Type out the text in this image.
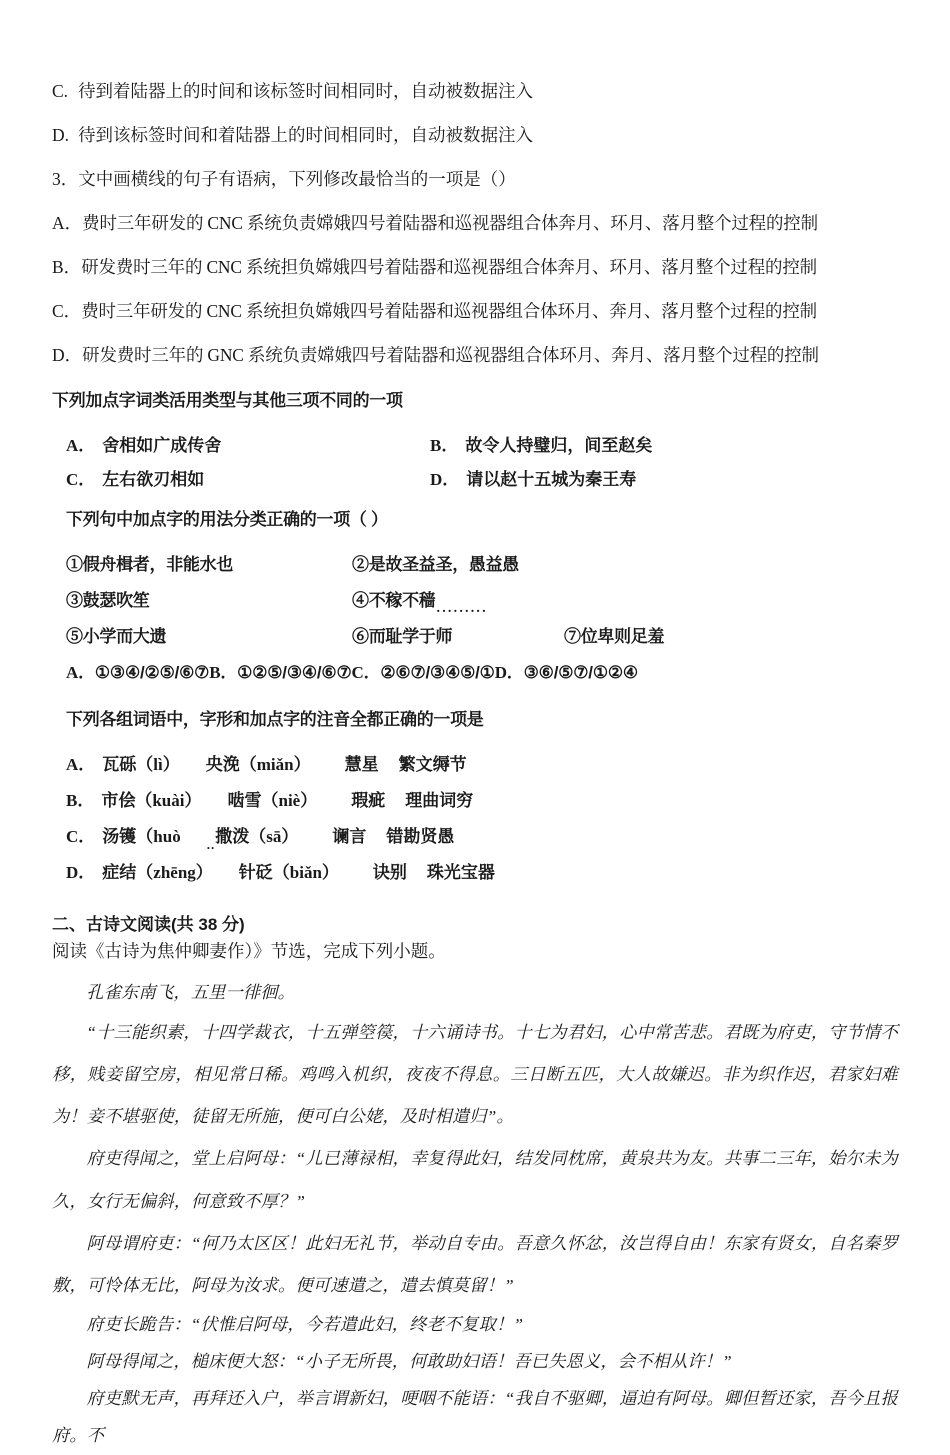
C. 待到着陆器上的时间和该标签时间相同时，自动被数据注入
D. 待到该标签时间和着陆器上的时间相同时，自动被数据注入
3．文中画横线的句子有语病，下列修改最恰当的一项是（）
A． 费时三年研发的 CNC 系统负责嫦娥四号着陆器和巡视器组合体奔月、环月、落月整个过程的控制
B． 研发费时三年的 CNC 系统担负嫦娥四号着陆器和巡视器组合体奔月、环月、落月整个过程的控制
C． 费时三年研发的 CNC 系统担负嫦娥四号着陆器和巡视器组合体环月、奔月、落月整个过程的控制
D． 研发费时三年的 GNC 系统负责嫦娥四号着陆器和巡视器组合体环月、奔月、落月整个过程的控制
下列加点字词类活用类型与其他三项不同的一项
A． 舍相如广成传舍	B． 故令人持璧归，间至赵矣
C． 左右欲刃相如	D． 请以赵十五城为秦王寿
下列句中加点字的用法分类正确的一项（ ）
①假舟楫者，非能水也	②是故圣益圣，愚益愚
③鼓瑟吹笙	④不稼不穑.........
⑤小学而大遗	⑥而耻学于师	⑦位卑则足羞
A．①③④/②⑤/⑥⑦B．①②⑤/③④/⑥⑦C．②⑥⑦/③④⑤/①D．③⑥/⑤⑦/①②④
下列各组词语中，字形和加点字的注音全都正确的一项是
A． 瓦砾（lì） 央浼（miǎn） 慧星 繁文缛节
B． 市侩（kuài） 啮雪（niè） 瑕疵 理曲词穷
C． 汤镬（huò ..撒泼（sā） 谰言 错勘贤愚
D． 症结（zhēng） 针砭（biǎn） 诀别 珠光宝器
二、古诗文阅读(共 38 分)
阅读《古诗为焦仲卿妻作）》节选，完成下列小题。

孔雀东南飞，五里一徘徊。

“十三能织素，十四学裁衣，十五弹箜篌，十六诵诗书。十七为君妇，心中常苦悲。君既为府吏，守节情不移，贱妾留空房，相见常日稀。鸡鸣入机织，夜夜不得息。三日断五匹，大人故嫌迟。非为织作迟，君家妇难为！妾不堪驱使，徒留无所施，便可白公姥，及时相遣归”。

府吏得闻之，堂上启阿母：“儿已薄禄相，幸复得此妇，结发同枕席，黄泉共为友。共事二三年，始尔未为久，女行无偏斜，何意致不厚？”

阿母谓府吏：“何乃太区区！此妇无礼节，举动自专由。吾意久怀忿，汝岂得自由！东家有贤女，自名秦罗敷，可怜体无比，阿母为汝求。便可速遣之，遣去慎莫留！”

府吏长跪告：“伏惟启阿母，今若遣此妇，终老不复取！”

阿母得闻之，槌床便大怒：“小子无所畏，何敢助妇语！吾已失恩义，会不相从许！”

府吏默无声，再拜还入户，举言谓新妇，哽咽不能语：“我自不驱卿，逼迫有阿母。卿但暂还家，吾今且报府。不
